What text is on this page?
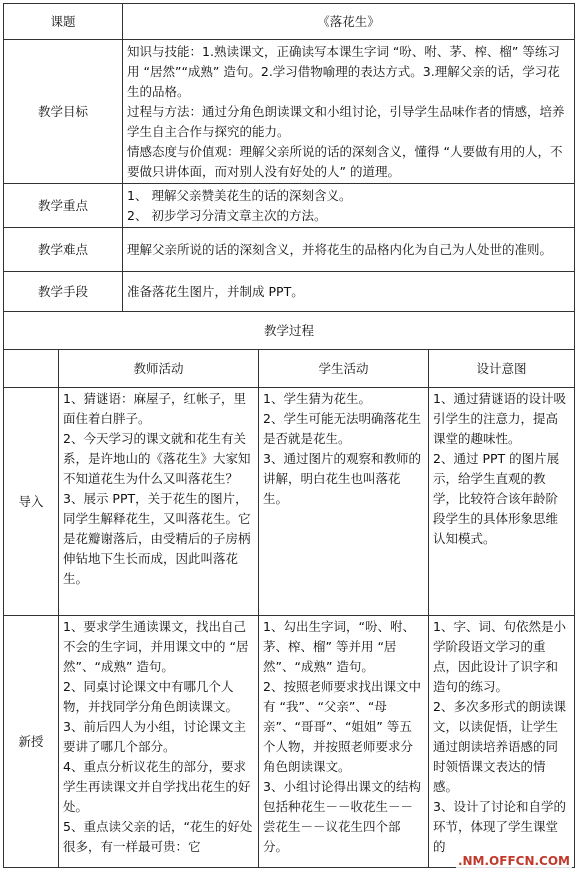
课题		《落花生》		
教学目标		知识与技能：1.熟读课文，正确读写本课生字词 “吩、咐、茅、榨、榴” 等练习用 “居然”“成熟” 造句。2.学习借物喻理的表达方式。3.理解父亲的话，学习花生的品格。
过程与方法：通过分角色朗读课文和小组讨论，引导学生品味作者的情感，培养学生自主合作与探究的能力。
情感态度与价值观：理解父亲所说的话的深刻含义，懂得 “人要做有用的人，不要做只讲体面，而对别人没有好处的人” 的道理。		

教学重点		1、 理解父亲赞美花生的话的深刻含义。
2、 初步学习分清文章主次的方法。		

教学难点		理解父亲所说的话的深刻含义，并将花生的品格内化为自己为人处世的准则。		
教学手段		准备落花生图片，并制成 PPT。		
教学过程				
	教师活动		学生活动	设计意图
导入	1、猜谜语：麻屋子，红帐子，里面住着白胖子。
2、今天学习的课文就和花生有关系，是许地山的《落花生》大家知不知道花生为什么又叫落花生？
3、展示 PPT，关于花生的图片，同学生解释花生，又叫落花生。它是花瓣谢落后，由受精后的子房柄伸钻地下生长而成，因此叫落花生。		1、学生猜为花生。
2、学生可能无法明确落花生是否就是花生。
3、通过图片的观察和教师的讲解，明白花生也叫落花生。	1、通过猜谜语的设计吸引学生的注意力，提高课堂的趣味性。
2、通过 PPT 的图片展示，给学生直观的教学，比较符合该年龄阶段学生的具体形象思维认知模式。

新授	1、要求学生通读课文，找出自己不会的生字词，并用课文中的 “居然”、“成熟” 造句。
2、同桌讨论课文中有哪几个人物，并找同学分角色朗读课文。
3、前后四人为小组，讨论课文主要讲了哪几个部分。
4、重点分析议花生的部分，要求学生再读课文并自学找出花生的好处。
5、重点读父亲的话，“花生的好处很多，有一样最可贵：它		1、勾出生字词，“吩、咐、茅、榨、榴” 等并用 “居然”、“成熟” 造句。
2、按照老师要求找出课文中有 “我”、“父亲”、“母亲”、“哥哥”、“姐姐” 等五个人物，并按照老师要求分角色朗读课文。
3、小组讨论得出课文的结构包括种花生－－收花生－－尝花生－－议花生四个部分。	1、字、词、句依然是小学阶段语文学习的重点，因此设计了识字和造句的练习。
2、多次多形式的朗读课文，以读促悟，让学生通过朗读培养语感的同时领悟课文表达的情感。
3、设计了讨论和自学的环节，体现了学生课堂的
.NM.OFFCN.COM
